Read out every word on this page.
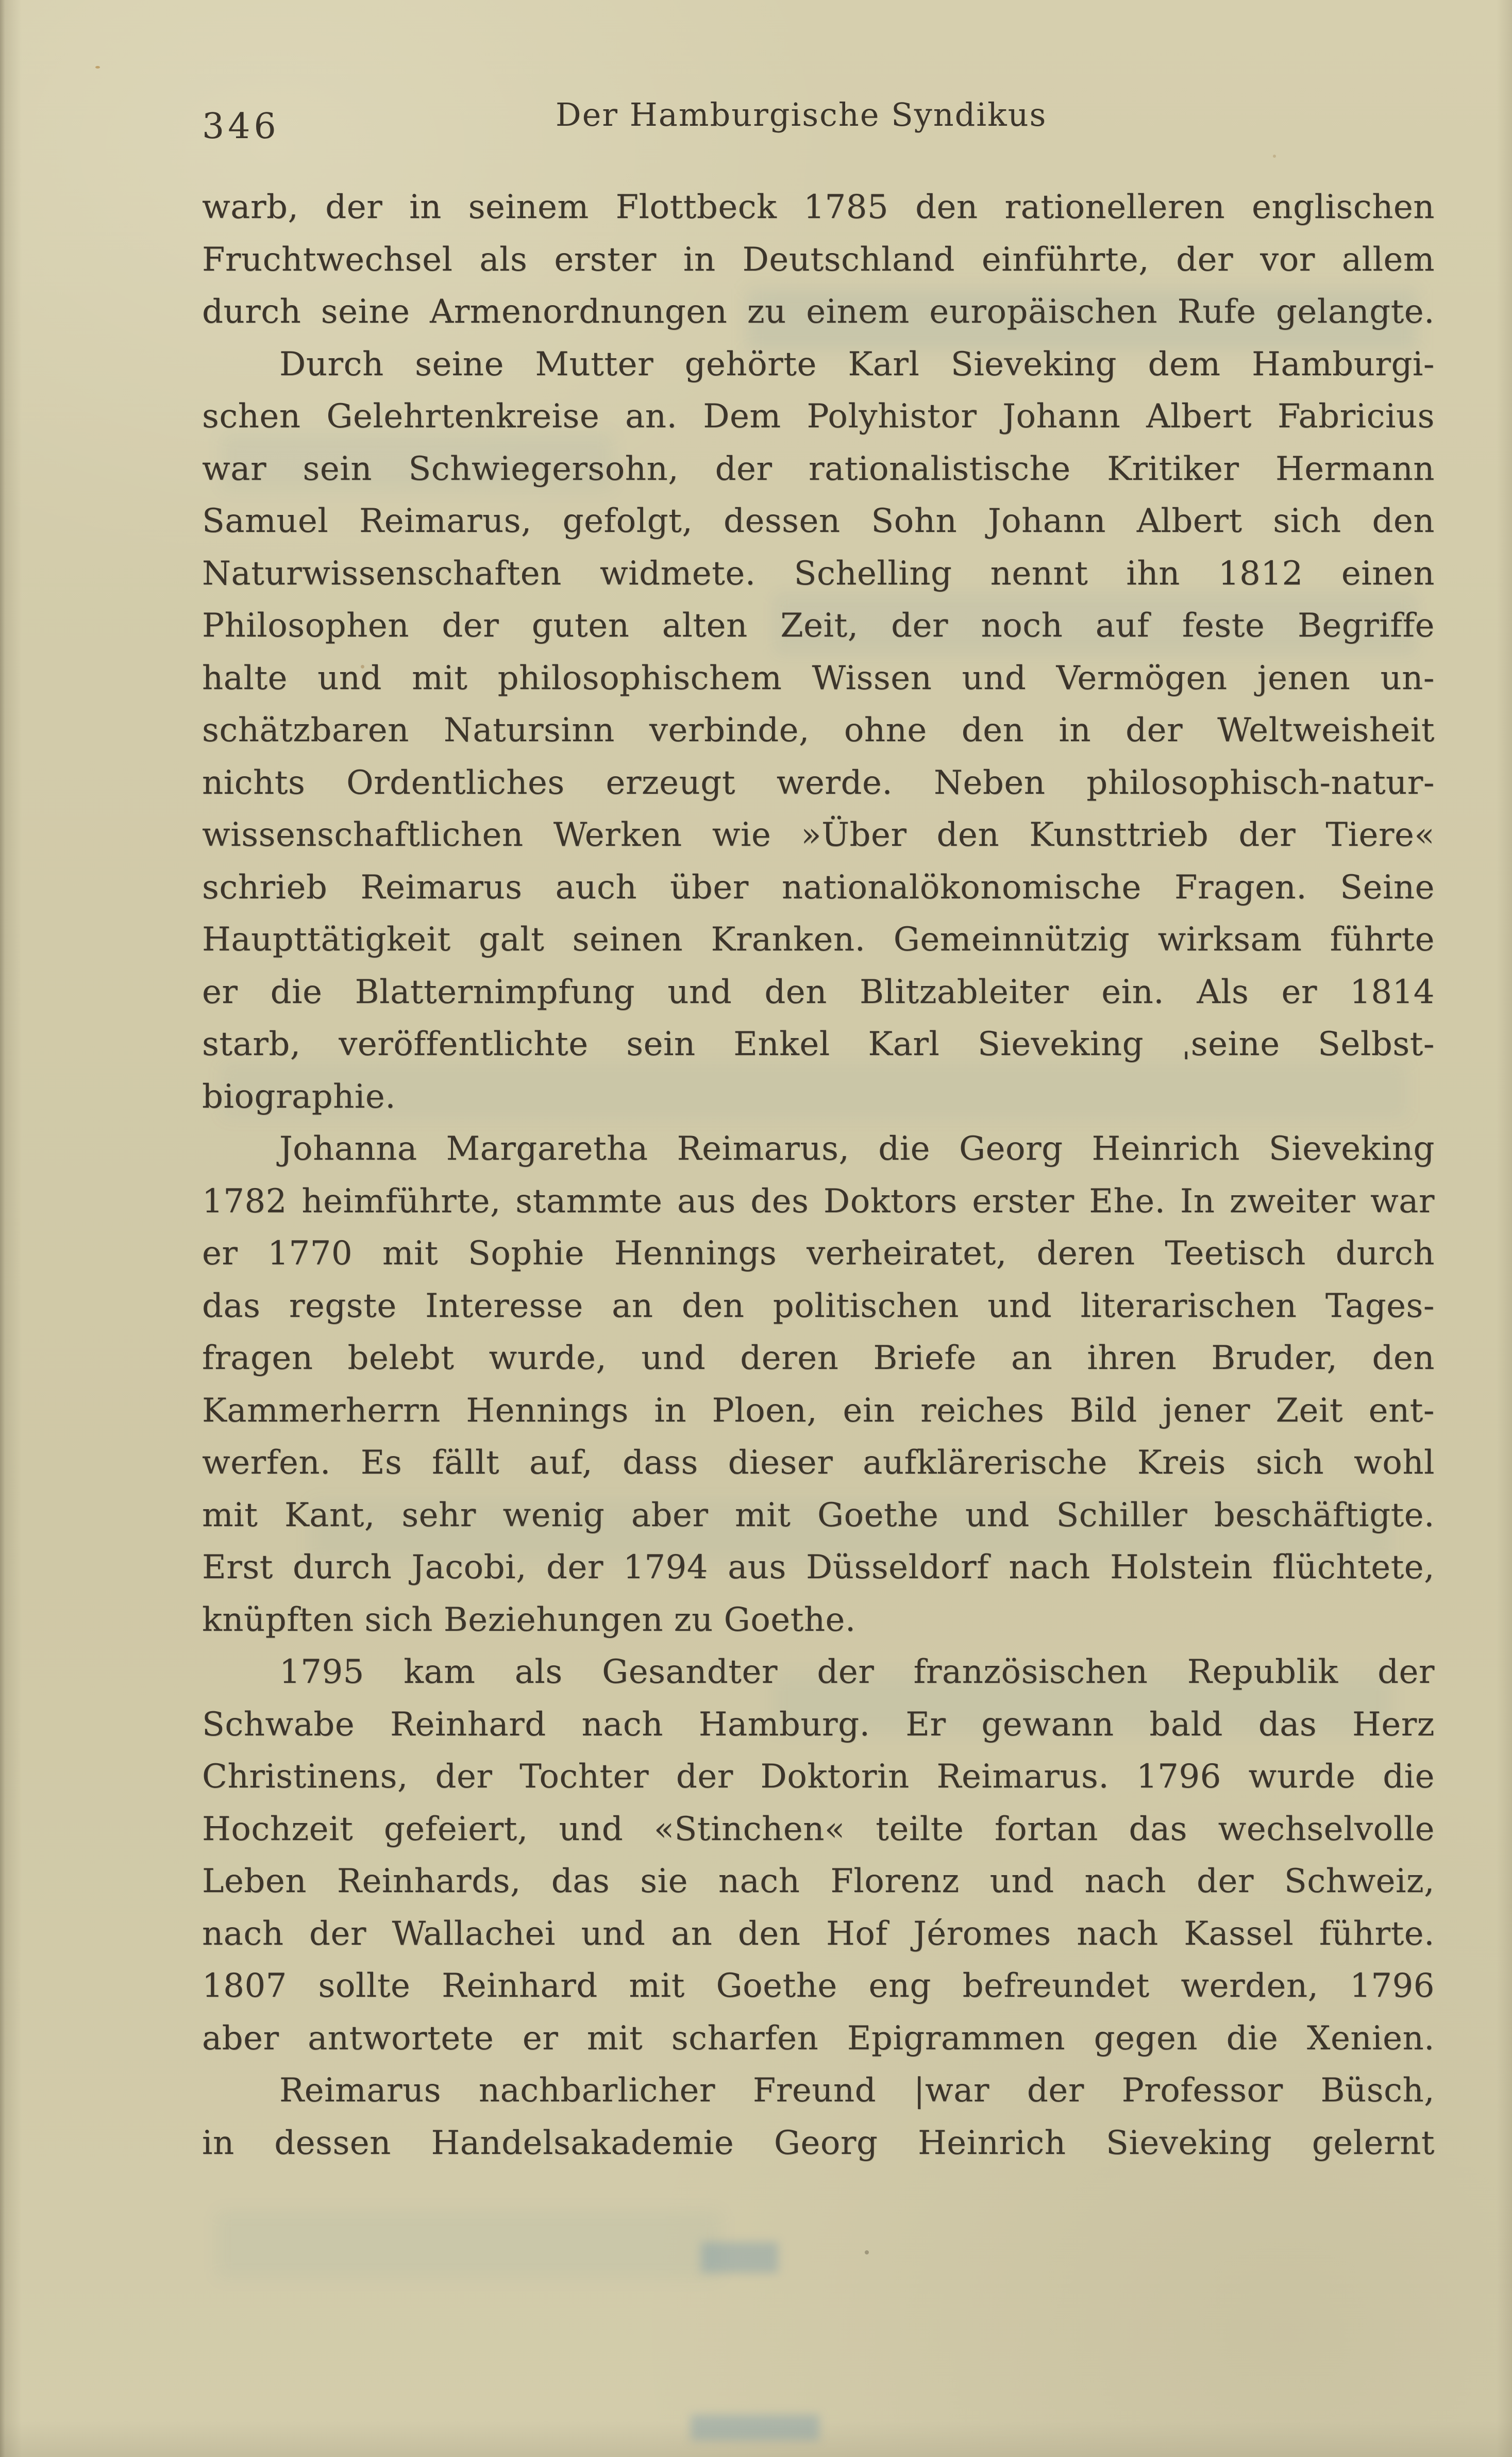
346	Der Hamburgische Syndikus
warb, der in seinem Flottbeck 1785 den rationelleren englischen
Fruchtwechsel als erster in Deutschland einführte, der vor allem
durch seine Armenordnungen zu einem europäischen Rufe gelangte.
Durch seine Mutter gehörte Karl Sieveking dem Hamburgi-
schen Gelehrtenkreise an. Dem Polyhistor Johann Albert Fabricius
war sein Schwiegersohn, der rationalistische Kritiker Hermann
Samuel Reimarus, gefolgt, dessen Sohn Johann Albert sich den
Naturwissenschaften widmete. Schelling nennt ihn 1812 einen
Philosophen der guten alten Zeit, der noch auf feste Begriffe
halte und mit philosophischem Wissen und Vermögen jenen un-
schätzbaren Natursinn verbinde, ohne den in der Weltweisheit
nichts Ordentliches erzeugt werde. Neben philosophisch-natur-
wissenschaftlichen Werken wie »Über den Kunsttrieb der Tiere«
schrieb Reimarus auch über nationalökonomische Fragen. Seine
Haupttätigkeit galt seinen Kranken. Gemeinnützig wirksam führte
er die Blatternimpfung und den Blitzableiter ein. Als er 1814
starb, veröffentlichte sein Enkel Karl Sieveking ˌseine Selbst-
biographie.
Johanna Margaretha Reimarus, die Georg Heinrich Sieveking
1782 heimführte, stammte aus des Doktors erster Ehe. In zweiter war
er 1770 mit Sophie Hennings verheiratet, deren Teetisch durch
das regste Interesse an den politischen und literarischen Tages-
fragen belebt wurde, und deren Briefe an ihren Bruder, den
Kammerherrn Hennings in Ploen, ein reiches Bild jener Zeit ent-
werfen. Es fällt auf, dass dieser aufklärerische Kreis sich wohl
mit Kant, sehr wenig aber mit Goethe und Schiller beschäftigte.
Erst durch Jacobi, der 1794 aus Düsseldorf nach Holstein flüchtete,
knüpften sich Beziehungen zu Goethe.
1795 kam als Gesandter der französischen Republik der
Schwabe Reinhard nach Hamburg. Er gewann bald das Herz
Christinens, der Tochter der Doktorin Reimarus. 1796 wurde die
Hochzeit gefeiert, und «Stinchen« teilte fortan das wechselvolle
Leben Reinhards, das sie nach Florenz und nach der Schweiz,
nach der Wallachei und an den Hof Jéromes nach Kassel führte.
1807 sollte Reinhard mit Goethe eng befreundet werden, 1796
aber antwortete er mit scharfen Epigrammen gegen die Xenien.
Reimarus nachbarlicher Freund |war der Professor Büsch,
in dessen Handelsakademie Georg Heinrich Sieveking gelernt
